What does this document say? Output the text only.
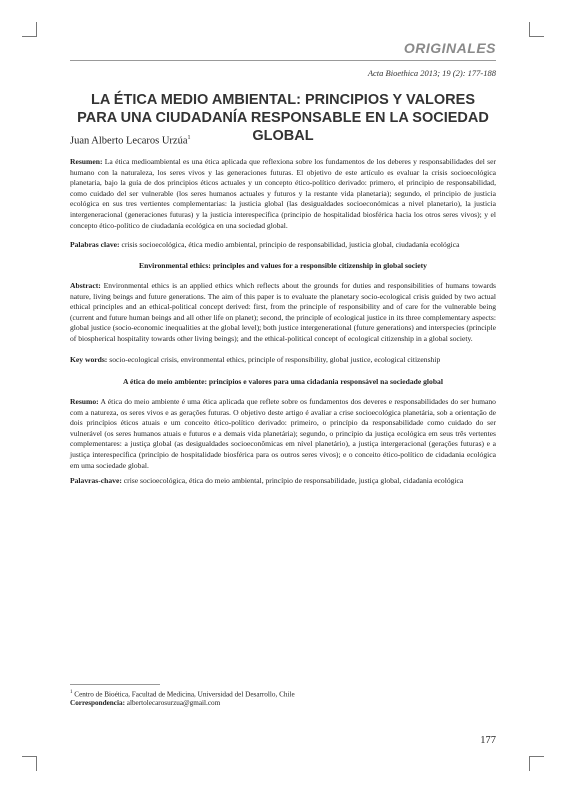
ORIGINALES
Acta Bioethica 2013; 19 (2): 177-188
LA ÉTICA MEDIO AMBIENTAL: PRINCIPIOS Y VALORES PARA UNA CIUDADANÍA RESPONSABLE EN LA SOCIEDAD GLOBAL
Juan Alberto Lecaros Urzúa$^1$
Resumen: La ética medioambiental es una ética aplicada que reflexiona sobre los fundamentos de los deberes y responsabilidades del ser humano con la naturaleza, los seres vivos y las generaciones futuras. El objetivo de este artículo es evaluar la crisis socioecológica planetaria, bajo la guía de dos principios éticos actuales y un concepto ético-político derivado: primero, el principio de responsabilidad, como cuidado del ser vulnerable (los seres humanos actuales y futuros y la restante vida planetaria); segundo, el principio de justicia ecológica en sus tres vertientes complementarias: la justicia global (las desigualdades socioeconómicas a nivel planetario), la justicia intergeneracional (generaciones futuras) y la justicia interespecífica (principio de hospitalidad biosférica hacia los otros seres vivos); y el concepto ético-político de ciudadanía ecológica en una sociedad global.
Palabras clave: crisis socioecológica, ética medio ambiental, principio de responsabilidad, justicia global, ciudadanía ecológica
Environmental ethics: principles and values for a responsible citizenship in global society
Abstract: Environmental ethics is an applied ethics which reflects about the grounds for duties and responsibilities of humans towards nature, living beings and future generations. The aim of this paper is to evaluate the planetary socio-ecological crisis guided by two actual ethical principles and an ethical-political concept derived: first, from the principle of responsibility and of care for the vulnerable being (current and future human beings and all other life on planet); second, the principle of ecological justice in its three complementary aspects: global justice (socio-economic inequalities at the global level); both justice intergenerational (future generations) and interspecies (principle of biospherical hospitality towards other living beings); and the ethical-political concept of ecological citizenship in a global society.
Key words: socio-ecological crisis, environmental ethics, principle of responsibility, global justice, ecological citizenship
A ética do meio ambiente: princípios e valores para uma cidadania responsável na sociedade global
Resumo: A ética do meio ambiente é uma ética aplicada que reflete sobre os fundamentos dos deveres e responsabilidades do ser humano com a natureza, os seres vivos e as gerações futuras. O objetivo deste artigo é avaliar a crise socioecológica planetária, sob a orientação de dois princípios éticos atuais e um conceito ético-político derivado: primeiro, o princípio da responsabilidade como cuidado do ser vulnerável (os seres humanos atuais e futuros e a demais vida planetária); segundo, o princípio da justiça ecológica em seus três vertentes complementares: a justiça global (as desigualdades socioeconômicas em nível planetário), a justiça intergeracional (gerações futuras) e a justiça interespecífica (princípio de hospitalidade biosférica para os outros seres vivos); e o conceito ético-político de cidadania ecológica em uma sociedade global.
Palavras-chave: crise socioecológica, ética do meio ambiental, princípio de responsabilidade, justiça global, cidadania ecológica
$^1$ Centro de Bioética, Facultad de Medicina, Universidad del Desarrollo, Chile
Correspondencia: albertolecarosurzua@gmail.com
177
